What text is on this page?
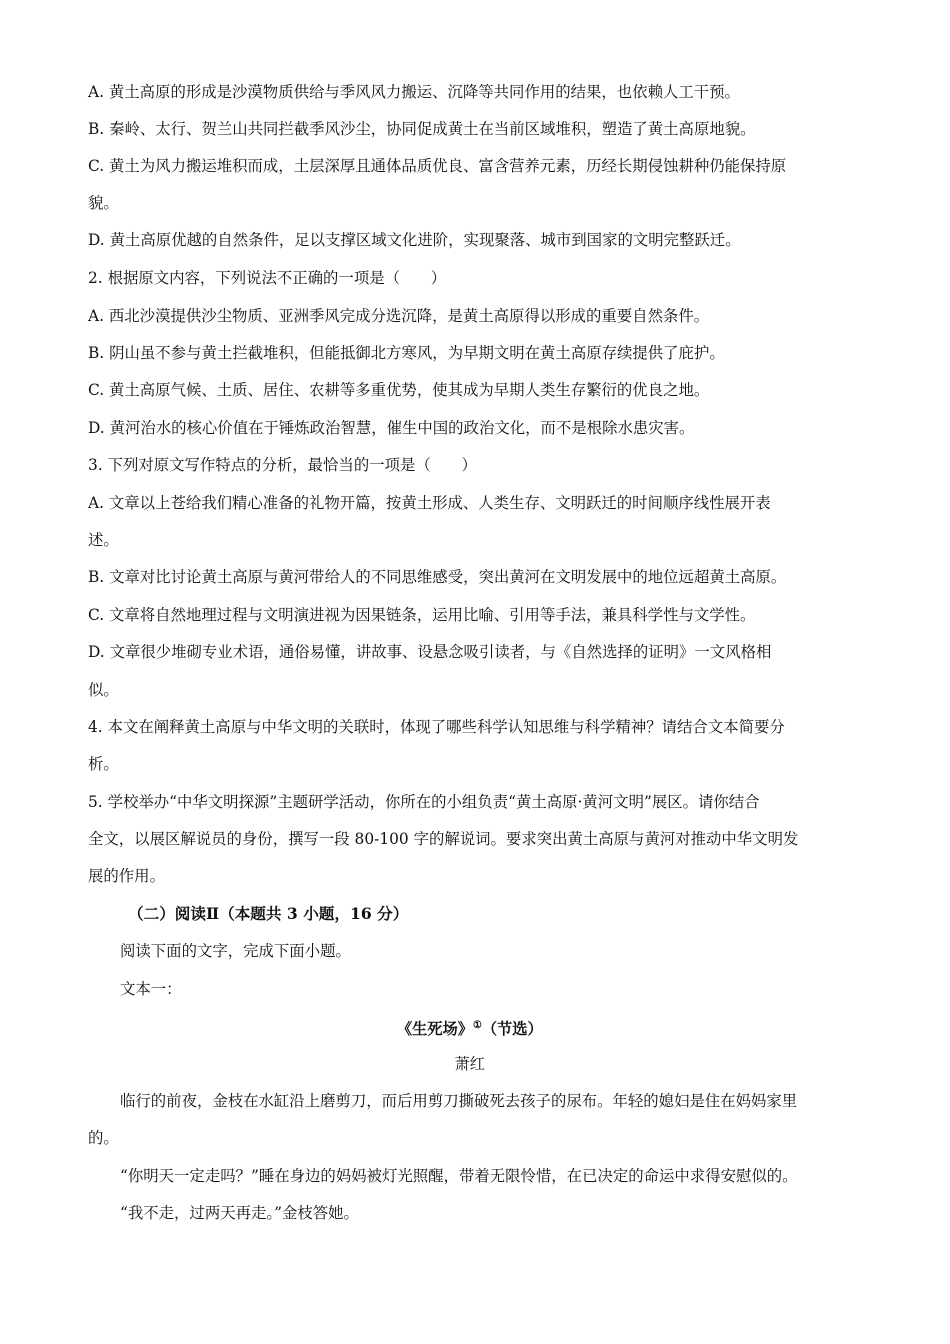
A. 黄土高原的形成是沙漠物质供给与季风风力搬运、沉降等共同作用的结果，也依赖人工干预。
B. 秦岭、太行、贺兰山共同拦截季风沙尘，协同促成黄土在当前区域堆积，塑造了黄土高原地貌。
C. 黄土为风力搬运堆积而成，土层深厚且通体品质优良、富含营养元素，历经长期侵蚀耕种仍能保持原
貌。
D. 黄土高原优越的自然条件，足以支撑区域文化进阶，实现聚落、城市到国家的文明完整跃迁。
2. 根据原文内容，下列说法不正确的一项是（　　）
A. 西北沙漠提供沙尘物质、亚洲季风完成分选沉降，是黄土高原得以形成的重要自然条件。
B. 阴山虽不参与黄土拦截堆积，但能抵御北方寒风，为早期文明在黄土高原存续提供了庇护。
C. 黄土高原气候、土质、居住、农耕等多重优势，使其成为早期人类生存繁衍的优良之地。
D. 黄河治水的核心价值在于锤炼政治智慧，催生中国的政治文化，而不是根除水患灾害。
3. 下列对原文写作特点的分析，最恰当的一项是（　　）
A. 文章以上苍给我们精心准备的礼物开篇，按黄土形成、人类生存、文明跃迁的时间顺序线性展开表
述。
B. 文章对比讨论黄土高原与黄河带给人的不同思维感受，突出黄河在文明发展中的地位远超黄土高原。
C. 文章将自然地理过程与文明演进视为因果链条，运用比喻、引用等手法，兼具科学性与文学性。
D. 文章很少堆砌专业术语，通俗易懂，讲故事、设悬念吸引读者，与《自然选择的证明》一文风格相
似。
4. 本文在阐释黄土高原与中华文明的关联时，体现了哪些科学认知思维与科学精神？请结合文本简要分
析。
5. 学校举办“中华文明探源”主题研学活动，你所在的小组负责“黄土高原·黄河文明”展区。请你结合
全文，以展区解说员的身份，撰写一段 80-100 字的解说词。要求突出黄土高原与黄河对推动中华文明发
展的作用。
（二）阅读Ⅱ（本题共 3 小题，16 分）
阅读下面的文字，完成下面小题。
文本一：
《生死场》①（节选）
萧红
临行的前夜，金枝在水缸沿上磨剪刀，而后用剪刀撕破死去孩子的尿布。年轻的媳妇是住在妈妈家里
的。
“你明天一定走吗？”睡在身边的妈妈被灯光照醒，带着无限怜惜，在已决定的命运中求得安慰似的。
“我不走，过两天再走。”金枝答她。
